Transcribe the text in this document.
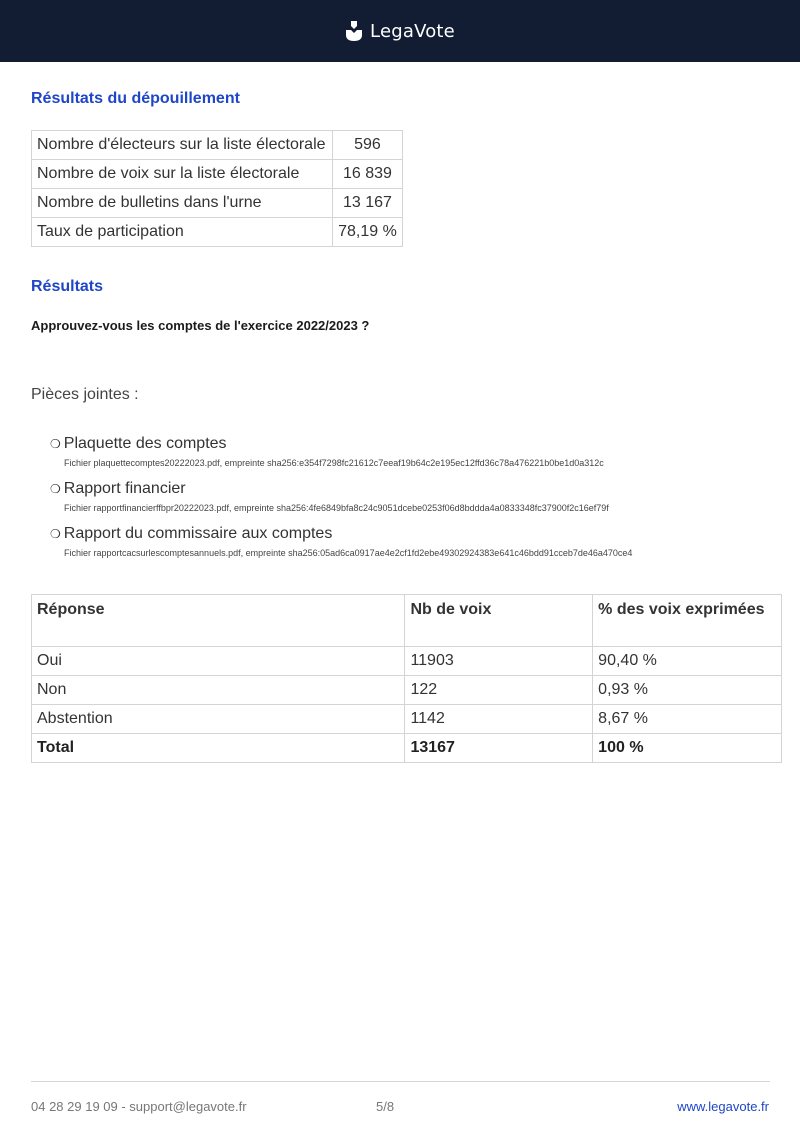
LegaVote
Résultats du dépouillement
Nombre d'électeurs sur la liste électorale	596
Nombre de voix sur la liste électorale	16 839
Nombre de bulletins dans l'urne	13 167
Taux de participation	78,19 %
Résultats

Approuvez-vous les comptes de l'exercice 2022/2023 ?

Pièces jointes :
❍ Plaquette des comptes
Fichier plaquettecomptes20222023.pdf, empreinte sha256:e354f7298fc21612c7eeaf19b64c2e195ec12ffd36c78a476221b0be1d0a312c
❍ Rapport financier
Fichier rapportfinancierffbpr20222023.pdf, empreinte sha256:4fe6849bfa8c24c9051dcebe0253f06d8bddda4a0833348fc37900f2c16ef79f
❍ Rapport du commissaire aux comptes
Fichier rapportcacsurlescomptesannuels.pdf, empreinte sha256:05ad6ca0917ae4e2cf1fd2ebe49302924383e641c46bdd91cceb7de46a470ce4
Réponse	Nb de voix	% des voix exprimées
Oui	11903	90,40 %
Non	122	0,93 %
Abstention	1142	8,67 %
Total	13167	100 %
04 28 29 19 09 - support@legavote.fr	5/8	www.legavote.fr
